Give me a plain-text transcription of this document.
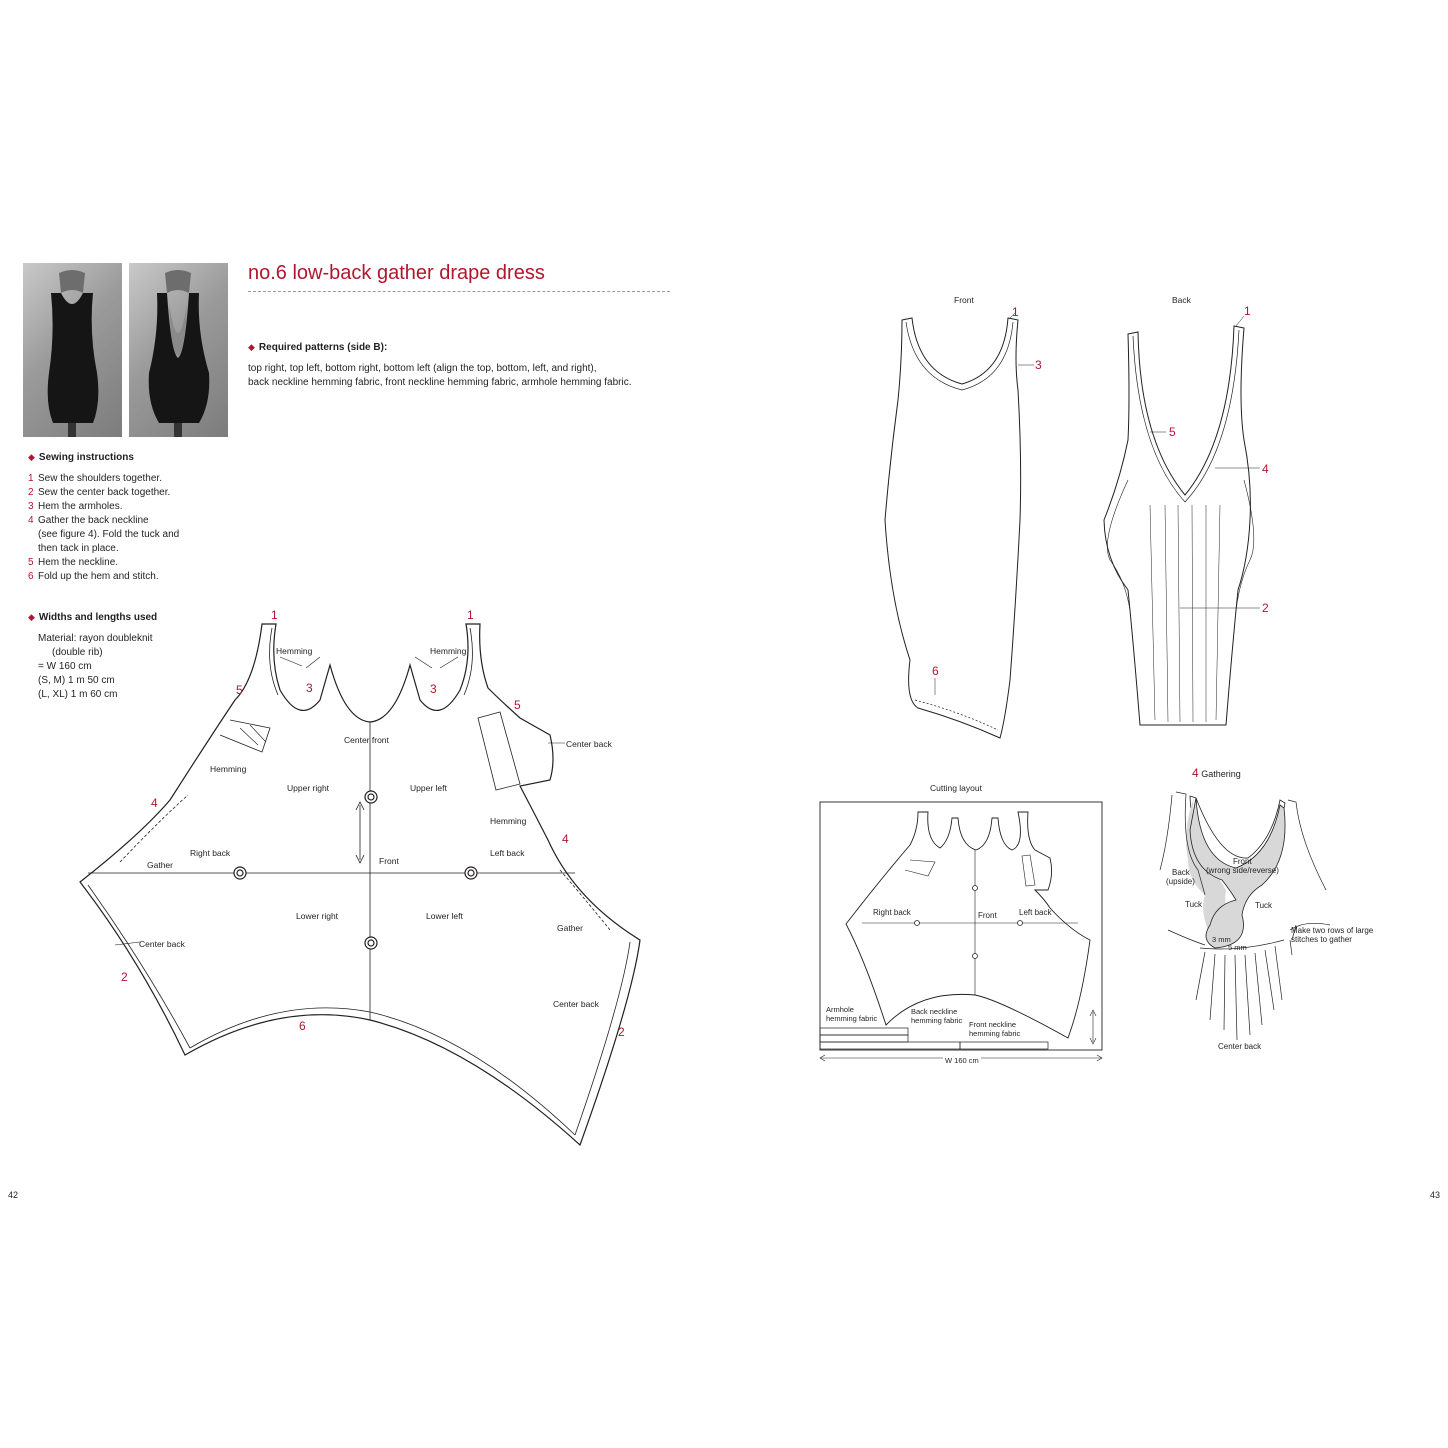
no.6 low-back gather drape dress
◆ Required patterns (side B):
top right, top left, bottom right, bottom left (align the top, bottom, left, and right),
back neckline hemming fabric, front neckline hemming fabric, armhole hemming fabric.
◆ Sewing instructions
1 Sew the shoulders together.
2 Sew the center back together.
3 Hem the armholes.
4 Gather the back neckline
(see figure 4). Fold the tuck and
then tack in place.
5 Hem the neckline.
6 Fold up the hem and stitch.
◆ Widths and lengths used
Material: rayon doubleknit
(double rib)
= W 160 cm
(S, M) 1 m 50 cm
(L, XL) 1 m 60 cm
Hemming	Hemming
Center front	Center back
Hemming
Upper right	Upper left
Hemming
Right back	Left back
Gather	Front
Lower right	Lower left
Gather
Center back
Center back
1	1
5	3	3
5
4
4
2
6	2
Front	Back
1
3
6
1
5
4
2
Cutting layout
Right back	Front	Left back
Armhole
hemming fabric
Back neckline
hemming fabric Front neckline
hemming fabric
W 160 cm
4 Gathering
Front
(wrong side/reverse)
Back
(upside)
Tuck	Tuck
Make two rows of large
stitches to gather
3 mm
5 mm
Center back
42	43
